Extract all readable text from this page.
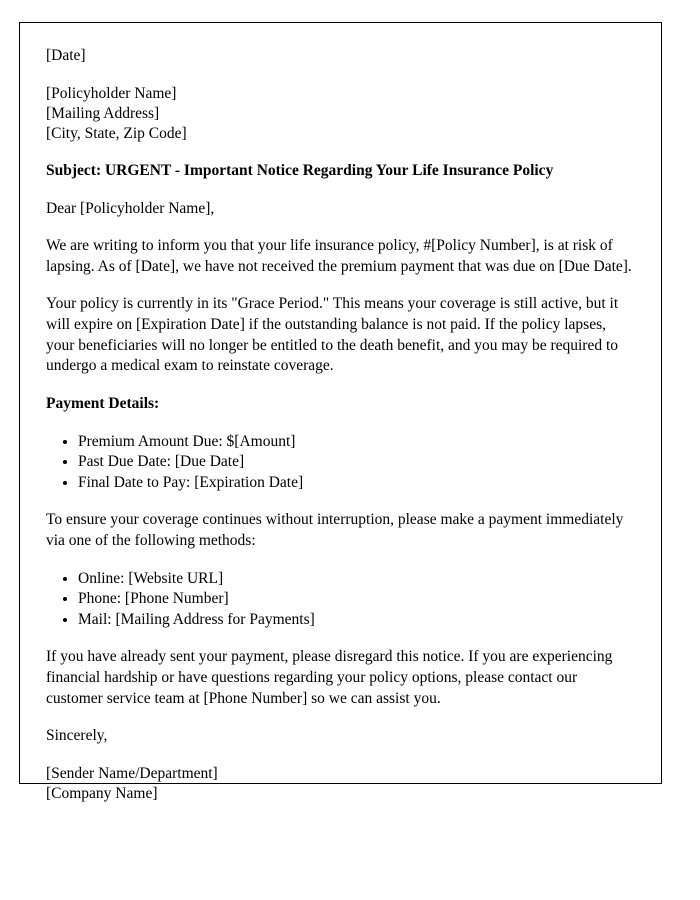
[Date]

[Policyholder Name]
[Mailing Address]
[City, State, Zip Code]

Subject: URGENT - Important Notice Regarding Your Life Insurance Policy

Dear [Policyholder Name],

We are writing to inform you that your life insurance policy, #[Policy Number], is at risk of lapsing. As of [Date], we have not received the premium payment that was due on [Due Date].

Your policy is currently in its "Grace Period." This means your coverage is still active, but it will expire on [Expiration Date] if the outstanding balance is not paid. If the policy lapses, your beneficiaries will no longer be entitled to the death benefit, and you may be required to undergo a medical exam to reinstate coverage.

Payment Details:

• Premium Amount Due: $[Amount]
• Past Due Date: [Due Date]
• Final Date to Pay: [Expiration Date]

To ensure your coverage continues without interruption, please make a payment immediately via one of the following methods:

• Online: [Website URL]
• Phone: [Phone Number]
• Mail: [Mailing Address for Payments]

If you have already sent your payment, please disregard this notice. If you are experiencing financial hardship or have questions regarding your policy options, please contact our customer service team at [Phone Number] so we can assist you.

Sincerely,

[Sender Name/Department]
[Company Name]
